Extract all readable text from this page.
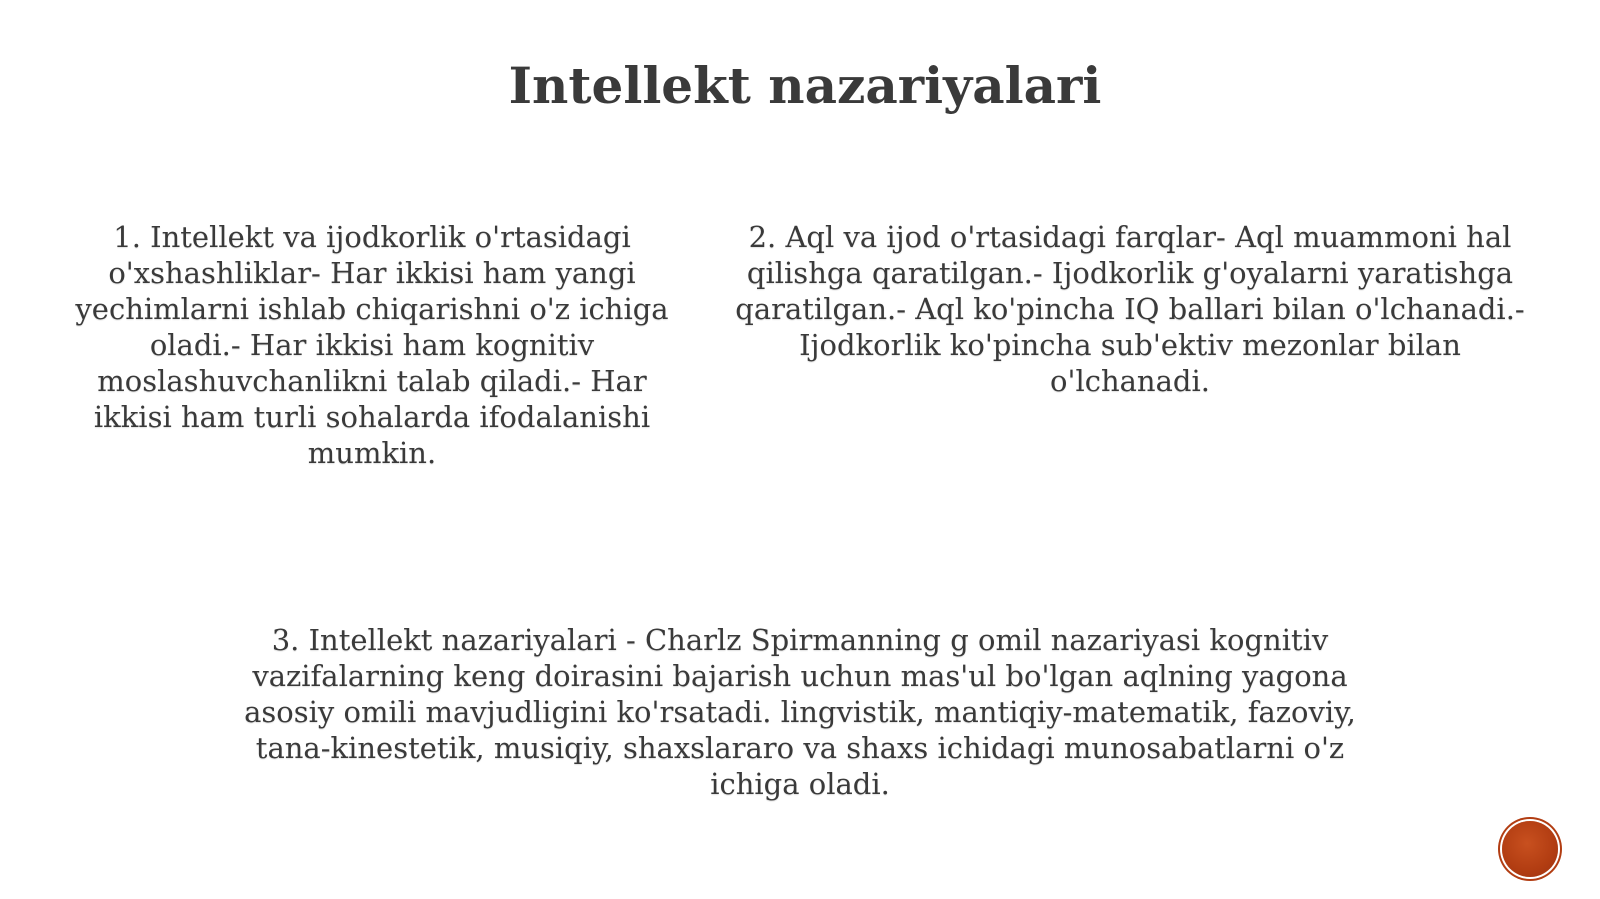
Intellekt nazariyalari
1. Intellekt va ijodkorlik o'rtasidagi o'xshashliklar- Har ikkisi ham yangi yechimlarni ishlab chiqarishni o'z ichiga oladi.- Har ikkisi ham kognitiv moslashuvchanlikni talab qiladi.- Har ikkisi ham turli sohalarda ifodalanishi mumkin.
2. Aql va ijod o'rtasidagi farqlar- Aql muammoni hal qilishga qaratilgan.- Ijodkorlik g'oyalarni yaratishga qaratilgan.- Aql ko'pincha IQ ballari bilan o'lchanadi.- Ijodkorlik ko'pincha sub'ektiv mezonlar bilan o'lchanadi.
3. Intellekt nazariyalari - Charlz Spirmanning g omil nazariyasi kognitiv vazifalarning keng doirasini bajarish uchun mas'ul bo'lgan aqlning yagona asosiy omili mavjudligini ko'rsatadi. lingvistik, mantiqiy-matematik, fazoviy, tana-kinestetik, musiqiy, shaxslararo va shaxs ichidagi munosabatlarni o'z ichiga oladi.
